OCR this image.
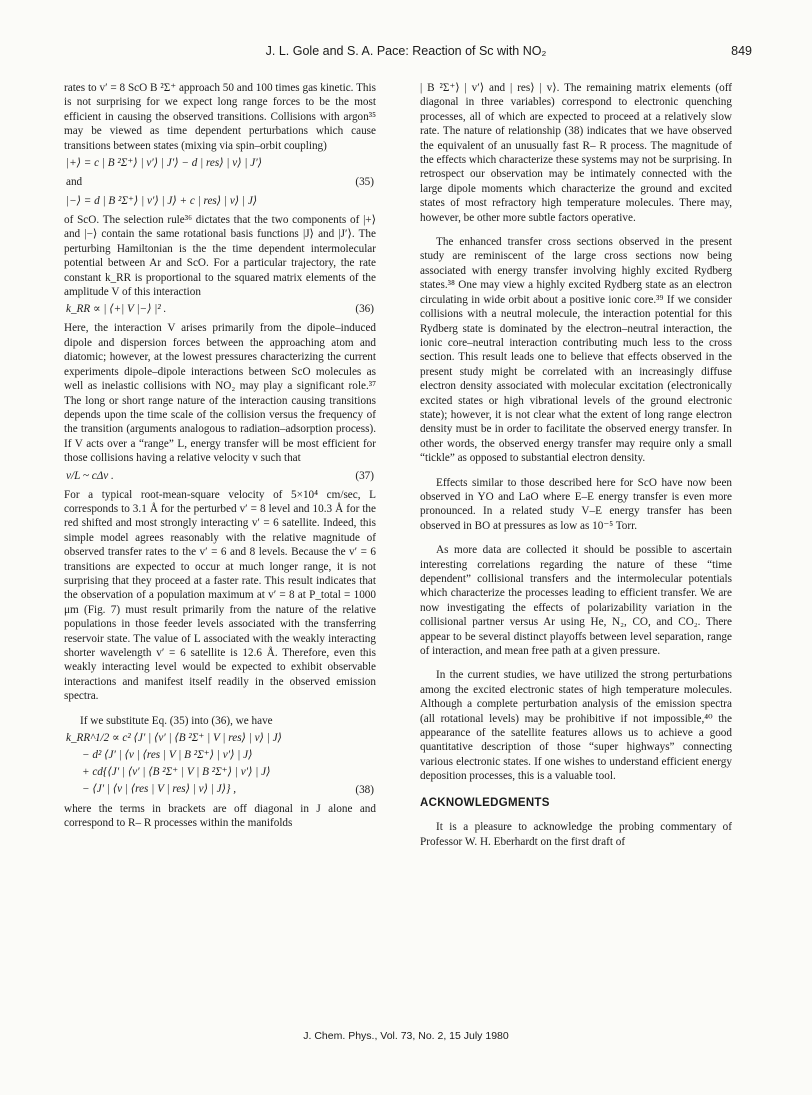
J. L. Gole and S. A. Pace: Reaction of Sc with NO₂	849

rates to v′ = 8 ScO B ²Σ⁺ approach 50 and 100 times gas kinetic. This is not surprising for we expect long range forces to be the most efficient in causing the observed transitions. Collisions with argon³⁵ may be viewed as time dependent perturbations which cause transitions between states (mixing via spin–orbit coupling)

|+⟩ = c | B ²Σ⁺⟩ | v′⟩ | J′⟩ − d | res⟩ | v⟩ | J′⟩
and	(35)
|−⟩ = d | B ²Σ⁺⟩ | v′⟩ | J⟩ + c | res⟩ | v⟩ | J⟩

of ScO. The selection rule³⁶ dictates that the two components of |+⟩ and |−⟩ contain the same rotational basis functions |J⟩ and |J′⟩. The perturbing Hamiltonian is the the time dependent intermolecular potential between Ar and ScO. For a particular trajectory, the rate constant k_RR is proportional to the squared matrix elements of the amplitude V of this interaction

k_RR ∝ | ⟨+| V |−⟩ |² .	(36)

Here, the interaction V arises primarily from the dipole–induced dipole and dispersion forces between the approaching atom and diatomic; however, at the lowest pressures characterizing the current experiments dipole–dipole interactions between ScO molecules as well as inelastic collisions with NO₂ may play a significant role.³⁷ The long or short range nature of the interaction causing transitions depends upon the time scale of the collision versus the frequency of the transition (arguments analogous to radiation–adsorption process). If V acts over a “range” L, energy transfer will be most efficient for those collisions having a relative velocity v such that

v/L ~ cΔν .	(37)

For a typical root-mean-square velocity of 5×10⁴ cm/sec, L corresponds to 3.1 Å for the perturbed v′ = 8 level and 10.3 Å for the red shifted and most strongly interacting v′ = 6 satellite. Indeed, this simple model agrees reasonably with the relative magnitude of observed transfer rates to the v′ = 6 and 8 levels. Because the v′ = 6 transitions are expected to occur at much longer range, it is not surprising that they proceed at a faster rate. This result indicates that the observation of a population maximum at v′ = 8 at P_total = 1000 μm (Fig. 7) must result primarily from the nature of the relative populations in those feeder levels associated with the transferring reservoir state. The value of L associated with the weakly interacting shorter wavelength v′ = 6 satellite is 12.6 Å. Therefore, even this weakly interacting level would be expected to exhibit observable interactions and manifest itself readily in the observed emission spectra.

If we substitute Eq. (35) into (36), we have

k_RR^1/2 ∝ c² ⟨J′ | ⟨v′ | ⟨B ²Σ⁺ | V | res⟩ | v⟩ | J⟩
− d² ⟨J′ | ⟨v | ⟨res | V | B ²Σ⁺⟩ | v′⟩ | J⟩
+ cd{⟨J′ | ⟨v′ | ⟨B ²Σ⁺ | V | B ²Σ⁺⟩ | v′⟩ | J⟩
− ⟨J′ | ⟨v | ⟨res | V | res⟩ | v⟩ | J⟩} ,	(38)

where the terms in brackets are off diagonal in J alone and correspond to R– R processes within the manifolds

| B ²Σ⁺⟩ | v′⟩ and | res⟩ | v⟩. The remaining matrix elements (off diagonal in three variables) correspond to electronic quenching processes, all of which are expected to proceed at a relatively slow rate. The nature of relationship (38) indicates that we have observed the equivalent of an unusually fast R– R process. The magnitude of the effects which characterize these systems may not be surprising. In retrospect our observation may be intimately connected with the large dipole moments which characterize the ground and excited states of most refractory high temperature molecules. There may, however, be other more subtle factors operative.

The enhanced transfer cross sections observed in the present study are reminiscent of the large cross sections now being associated with energy transfer involving highly excited Rydberg states.³⁸ One may view a highly excited Rydberg state as an electron circulating in wide orbit about a positive ionic core.³⁹ If we consider collisions with a neutral molecule, the interaction potential for this Rydberg state is dominated by the electron–neutral interaction, the ionic core–neutral interaction contributing much less to the cross section. This result leads one to believe that effects observed in the present study might be correlated with an increasingly diffuse electron density associated with molecular excitation (electronically excited states or high vibrational levels of the ground electronic state); however, it is not clear what the extent of long range electron density must be in order to facilitate the observed energy transfer. In other words, the observed energy transfer may require only a small “tickle” as opposed to substantial electron density.

Effects similar to those described here for ScO have now been observed in YO and LaO where E–E energy transfer is even more pronounced. In a related study V–E energy transfer has been observed in BO at pressures as low as 10⁻⁵ Torr.

As more data are collected it should be possible to ascertain interesting correlations regarding the nature of these “time dependent” collisional transfers and the intermolecular potentials which characterize the processes leading to efficient transfer. We are now investigating the effects of polarizability variation in the collisional partner versus Ar using He, N₂, CO, and CO₂. There appear to be several distinct playoffs between level separation, range of interaction, and mean free path at a given pressure.

In the current studies, we have utilized the strong perturbations among the excited electronic states of high temperature molecules. Although a complete perturbation analysis of the emission spectra (all rotational levels) may be prohibitive if not impossible,⁴⁰ the appearance of the satellite features allows us to achieve a good quantitative description of those “super highways” connecting various electronic states. If one wishes to understand efficient energy deposition processes, this is a valuable tool.

ACKNOWLEDGMENTS

It is a pleasure to acknowledge the probing commentary of Professor W. H. Eberhardt on the first draft of

J. Chem. Phys., Vol. 73, No. 2, 15 July 1980
